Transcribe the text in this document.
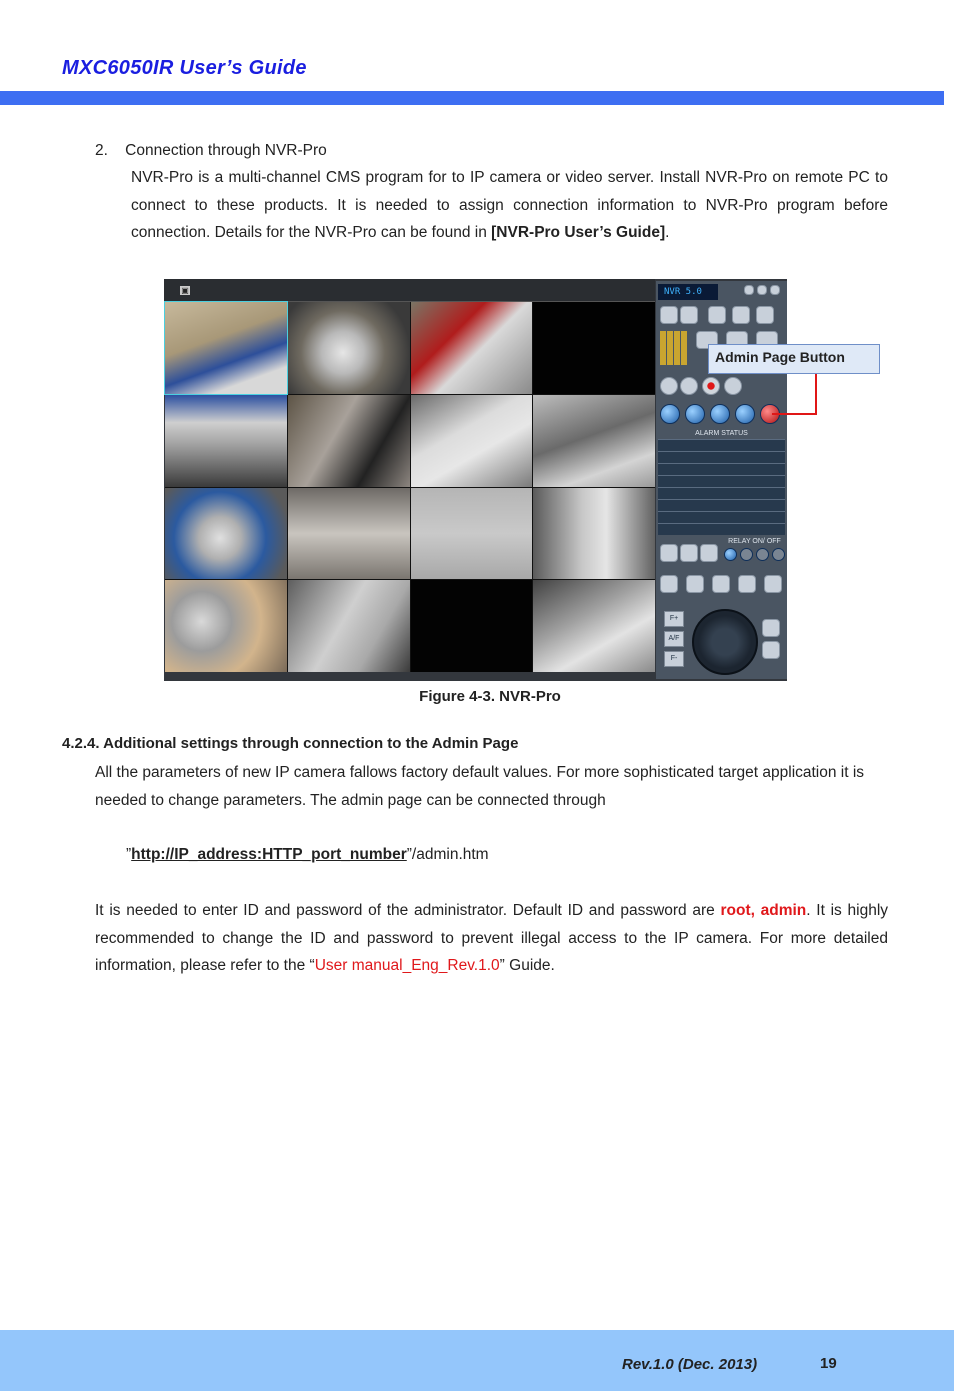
MXC6050IR User’s Guide
2. Connection through NVR-Pro
NVR-Pro is a multi-channel CMS program for to IP camera or video server. Install NVR-Pro on remote PC to connect to these products. It is needed to assign connection information to NVR-Pro program before connection. Details for the NVR-Pro can be found in [NVR-Pro User’s Guide].
▣	NVR 5.0
ALARM STATUS
RELAY ON/ OFF
F+
A/F
F-
Admin Page Button
Figure 4-3. NVR-Pro
4.2.4. Additional settings through connection to the Admin Page
All the parameters of new IP camera fallows factory default values. For more sophisticated target application it is needed to change parameters. The admin page can be connected through
”http://IP_address:HTTP_port_number”/admin.htm
It is needed to enter ID and password of the administrator. Default ID and password are root, admin. It is highly recommended to change the ID and password to prevent illegal access to the IP camera. For more detailed information, please refer to the “User manual_Eng_Rev.1.0” Guide.
Rev.1.0 (Dec. 2013)	19
